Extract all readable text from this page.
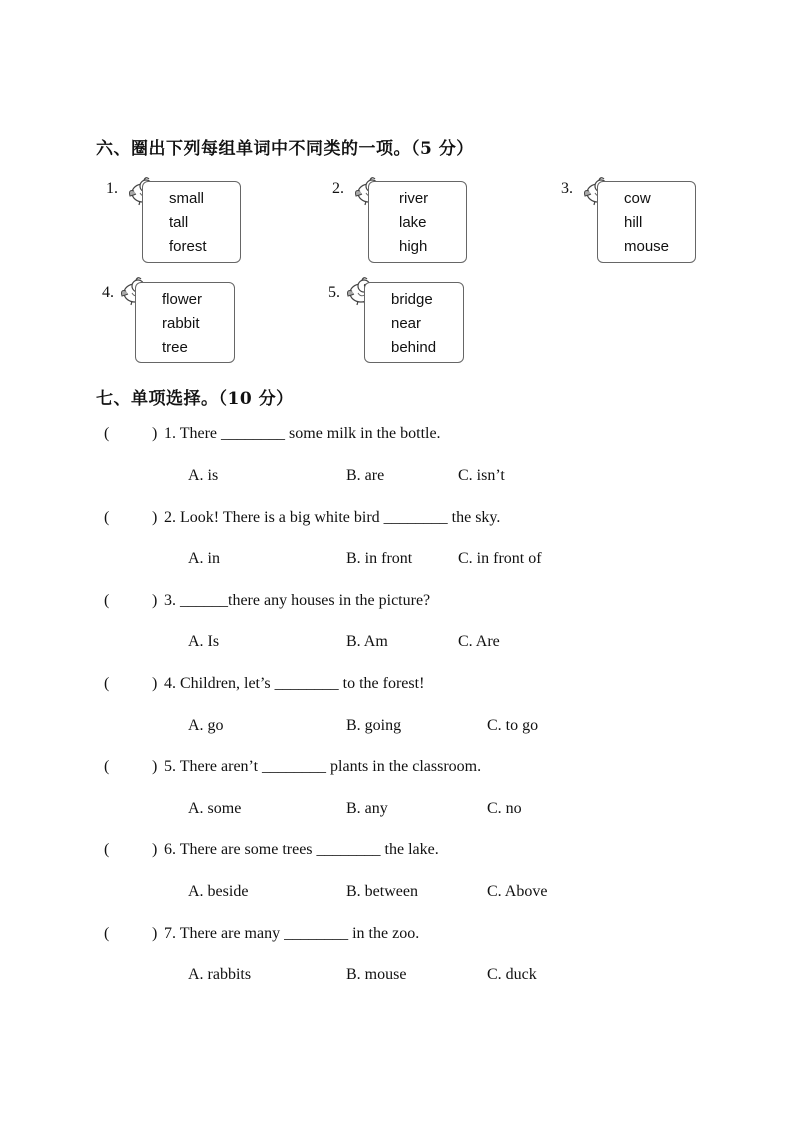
六、圈出下列每组单词中不同类的一项。（5 分）
1.
small
tall
forest
2.
river
lake
high
3.
cow
hill
mouse
4.	flower
rabbit
tree
5.	bridge
near
behind
七、单项选择。（10 分）
(	) 1. There ________ some milk in the bottle.
A. is	B. are	C. isn’t
(	) 2. Look! There is a big white bird ________ the sky.
A. in	B. in front	C. in front of
(	) 3. ______there any houses in the picture?
A. Is	B. Am	C. Are
(	) 4. Children, let’s ________ to the forest!
A. go	B. going	C. to go
(	) 5. There aren’t ________ plants in the classroom.
A. some	B. any	C. no
(	) 6. There are some trees ________ the lake.
A. beside	B. between	C. Above
(	) 7. There are many ________ in the zoo.
A. rabbits	B. mouse	C. duck
